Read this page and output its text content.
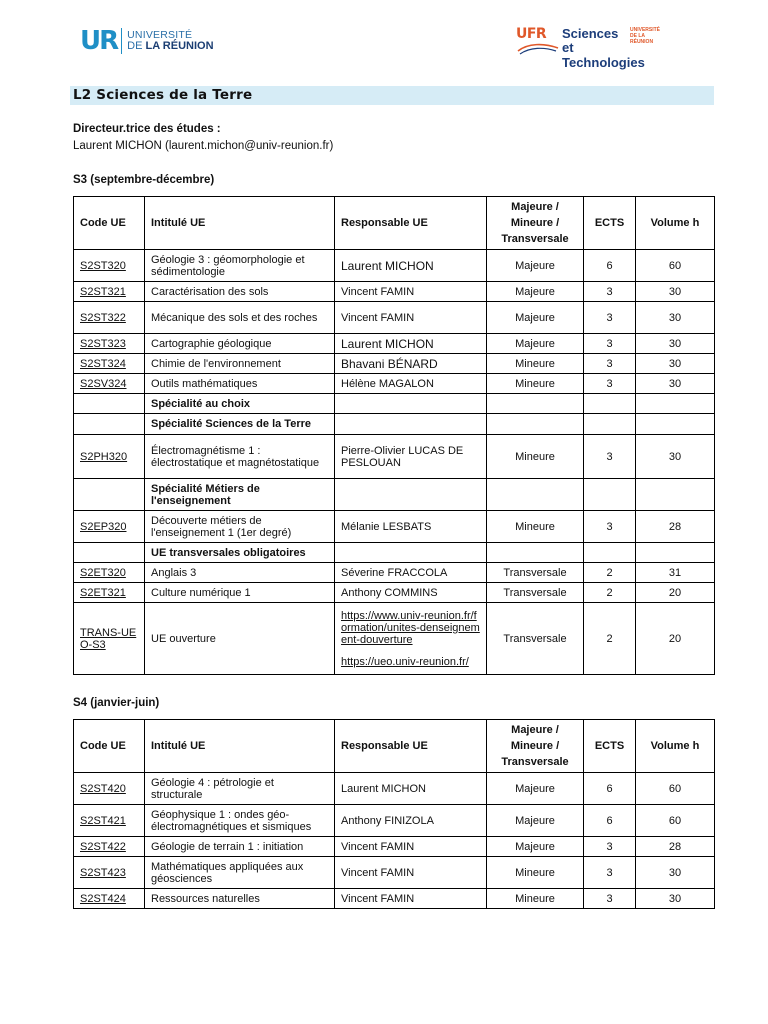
UR UNIVERSITÉ
DE LA RÉUNION
UFR Sciences UNIVERSITÉ
DE LA RÉUNION
et Technologies
L2 Sciences de la Terre
Directeur.trice des études :
Laurent MICHON (laurent.michon@univ-reunion.fr)
S3 (septembre-décembre)
Code UE	Intitulé UE	Responsable UE	Majeure /
Mineure /
Transversale	ECTS	Volume h
S2ST320	Géologie 3 : géomorphologie et sédimentologie	Laurent MICHON	Majeure	6	60
S2ST321	Caractérisation des sols	Vincent FAMIN	Majeure	3	30
S2ST322	Mécanique des sols et des roches	Vincent FAMIN	Majeure	3	30
S2ST323	Cartographie géologique	Laurent MICHON	Majeure	3	30
S2ST324	Chimie de l'environnement	Bhavani BÉNARD	Mineure	3	30
S2SV324	Outils mathématiques	Hélène MAGALON	Mineure	3	30
	Spécialité au choix				
	Spécialité Sciences de la Terre				
S2PH320	Électromagnétisme 1 : électrostatique et magnétostatique	Pierre-Olivier LUCAS DE PESLOUAN	Mineure	3	30
	Spécialité Métiers de l'enseignement				
S2EP320	Découverte métiers de l'enseignement 1 (1er degré)	Mélanie LESBATS	Mineure	3	28
	UE transversales obligatoires				
S2ET320	Anglais 3	Séverine FRACCOLA	Transversale	2	31
S2ET321	Culture numérique 1	Anthony COMMINS	Transversale	2	20
TRANS-UEO-S3	UE ouverture	https://www.univ-reunion.fr/formation/unites-denseignement-douverture
https://ueo.univ-reunion.fr/	Transversale	2	20
S4 (janvier-juin)
Code UE	Intitulé UE	Responsable UE	Majeure /
Mineure /
Transversale	ECTS	Volume h
S2ST420	Géologie 4 : pétrologie et structurale	Laurent MICHON	Majeure	6	60
S2ST421	Géophysique 1 : ondes géo-électromagnétiques et sismiques	Anthony FINIZOLA	Majeure	6	60
S2ST422	Géologie de terrain 1 : initiation	Vincent FAMIN	Majeure	3	28
S2ST423	Mathématiques appliquées aux géosciences	Vincent FAMIN	Mineure	3	30
S2ST424	Ressources naturelles	Vincent FAMIN	Mineure	3	30
